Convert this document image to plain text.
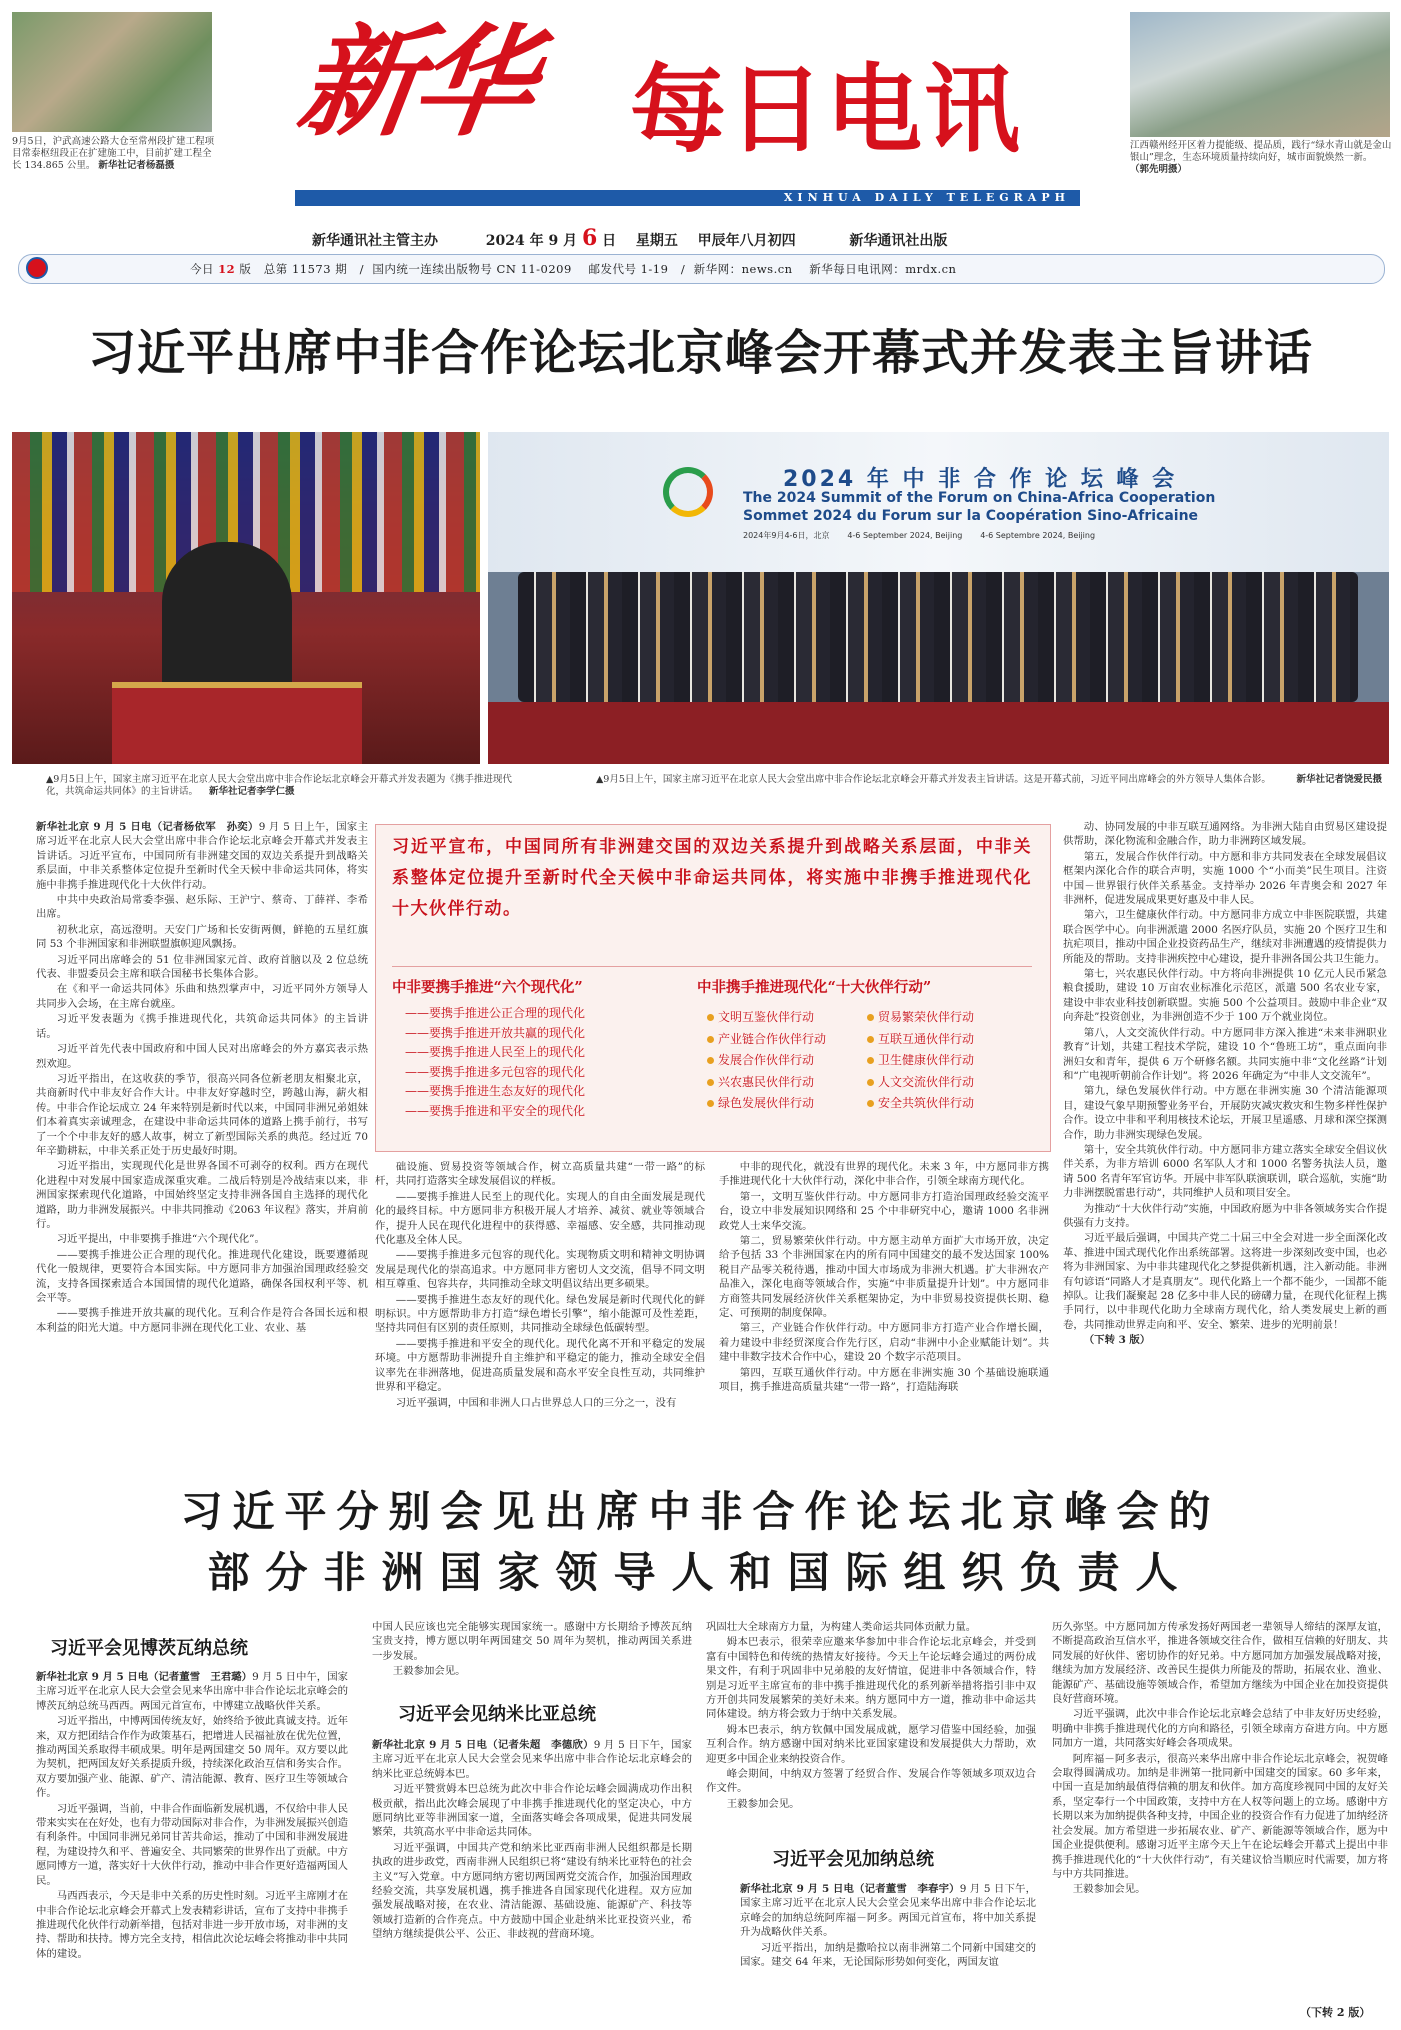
9月5日，沪武高速公路大仓至常州段扩建工程项目常泰枢纽段正在扩建施工中，目前扩建工程全长 134.865 公里。 新华社记者杨磊摄
江西赣州经开区着力提能级、提品质，践行“绿水青山就是金山银山”理念，生态环境质量持续向好，城市面貌焕然一新。 （郭先明摄）
新华 每日电讯
XINHUA DAILY TELEGRAPH
新华通讯社主管主办	2024 年 9 月 6 日 星期五 甲辰年八月初四	新华通讯社出版
今日 12 版 总第 11573 期   /  国内统一连续出版物号 CN 11-0209 邮发代号 1-19   /  新华网：news.cn 新华每日电讯网：mrdx.cn
习近平出席中非合作论坛北京峰会开幕式并发表主旨讲话
2024 年 中 非 合 作 论 坛 峰 会
The 2024 Summit of the Forum on China-Africa Cooperation
Sommet 2024 du Forum sur la Coopération Sino-Africaine
2024年9月4-6日，北京 4-6 September 2024, Beijing 4-6 Septembre 2024, Beijing
▲9月5日上午，国家主席习近平在北京人民大会堂出席中非合作论坛北京峰会开幕式并发表题为《携手推进现代化，共筑命运共同体》的主旨讲话。 新华社记者李学仁摄
▲9月5日上午，国家主席习近平在北京人民大会堂出席中非合作论坛北京峰会开幕式并发表主旨讲话。这是开幕式前，习近平同出席峰会的外方领导人集体合影。	新华社记者饶爱民摄

新华社北京 9 月 5 日电（记者杨依军　孙奕）9 月 5 日上午，国家主席习近平在北京人民大会堂出席中非合作论坛北京峰会开幕式并发表主旨讲话。习近平宣布，中国同所有非洲建交国的双边关系提升到战略关系层面，中非关系整体定位提升至新时代全天候中非命运共同体，将实施中非携手推进现代化十大伙伴行动。

中共中央政治局常委李强、赵乐际、王沪宁、蔡奇、丁薛祥、李希出席。

初秋北京，高远澄明。天安门广场和长安街两侧，鲜艳的五星红旗同 53 个非洲国家和非洲联盟旗帜迎风飘扬。

习近平同出席峰会的 51 位非洲国家元首、政府首脑以及 2 位总统代表、非盟委员会主席和联合国秘书长集体合影。

在《和平一命运共同体》乐曲和热烈掌声中，习近平同外方领导人共同步入会场，在主席台就座。

习近平发表题为《携手推进现代化，共筑命运共同体》的主旨讲话。

习近平首先代表中国政府和中国人民对出席峰会的外方嘉宾表示热烈欢迎。

习近平指出，在这收获的季节，很高兴同各位新老朋友相聚北京，共商新时代中非友好合作大计。中非友好穿越时空，跨越山海，薪火相传。中非合作论坛成立 24 年来特别是新时代以来，中国同非洲兄弟姐妹们本着真实亲诚理念，在建设中非命运共同体的道路上携手前行，书写了一个个中非友好的感人故事，树立了新型国际关系的典范。经过近 70 年辛勤耕耘，中非关系正处于历史最好时期。

习近平指出，实现现代化是世界各国不可剥夺的权利。西方在现代化进程中对发展中国家造成深重灾难。二战后特别是冷战结束以来，非洲国家探索现代化道路，中国始终坚定支持非洲各国自主选择的现代化道路，助力非洲发展振兴。中非共同推动《2063 年议程》落实，并肩前行。

习近平提出，中非要携手推进“六个现代化”。

——要携手推进公正合理的现代化。推进现代化建设，既要遵循现代化一般规律，更要符合本国实际。中方愿同非方加强治国理政经验交流，支持各国探索适合本国国情的现代化道路，确保各国权利平等、机会平等。

——要携手推进开放共赢的现代化。互利合作是符合各国长远和根本利益的阳光大道。中方愿同非洲在现代化工业、农业、基

习近平宣布，中国同所有非洲建交国的双边关系提升到战略关系层面，中非关系整体定位提升至新时代全天候中非命运共同体，将实施中非携手推进现代化十大伙伴行动。
中非要携手推进“六个现代化”
——要携手推进公正合理的现代化
——要携手推进开放共赢的现代化
——要携手推进人民至上的现代化
——要携手推进多元包容的现代化
——要携手推进生态友好的现代化
——要携手推进和平安全的现代化
中非携手推进现代化“十大伙伴行动”
文明互鉴伙伴行动	贸易繁荣伙伴行动
产业链合作伙伴行动	互联互通伙伴行动
发展合作伙伴行动	卫生健康伙伴行动
兴农惠民伙伴行动	人文交流伙伴行动
绿色发展伙伴行动	安全共筑伙伴行动

础设施、贸易投资等领域合作，树立高质量共建“一带一路”的标杆，共同打造落实全球发展倡议的样板。

——要携手推进人民至上的现代化。实现人的自由全面发展是现代化的最终目标。中方愿同非方积极开展人才培养、减贫、就业等领域合作，提升人民在现代化进程中的获得感、幸福感、安全感，共同推动现代化惠及全体人民。

——要携手推进多元包容的现代化。实现物质文明和精神文明协调发展是现代化的崇高追求。中方愿同非方密切人文交流，倡导不同文明相互尊重、包容共存，共同推动全球文明倡议结出更多硕果。

——要携手推进生态友好的现代化。绿色发展是新时代现代化的鲜明标识。中方愿帮助非方打造“绿色增长引擎”，缩小能源可及性差距，坚持共同但有区别的责任原则，共同推动全球绿色低碳转型。

——要携手推进和平安全的现代化。现代化离不开和平稳定的发展环境。中方愿帮助非洲提升自主维护和平稳定的能力，推动全球安全倡议率先在非洲落地，促进高质量发展和高水平安全良性互动，共同维护世界和平稳定。

习近平强调，中国和非洲人口占世界总人口的三分之一，没有

中非的现代化，就没有世界的现代化。未来 3 年，中方愿同非方携手推进现代化十大伙伴行动，深化中非合作，引领全球南方现代化。

第一，文明互鉴伙伴行动。中方愿同非方打造治国理政经验交流平台，设立中非发展知识网络和 25 个中非研究中心，邀请 1000 名非洲政党人士来华交流。

第二，贸易繁荣伙伴行动。中方愿主动单方面扩大市场开放，决定给予包括 33 个非洲国家在内的所有同中国建交的最不发达国家 100% 税目产品零关税待遇，推动中国大市场成为非洲大机遇。扩大非洲农产品准入，深化电商等领域合作，实施“中非质量提升计划”。中方愿同非方商签共同发展经济伙伴关系框架协定，为中非贸易投资提供长期、稳定、可预期的制度保障。

第三，产业链合作伙伴行动。中方愿同非方打造产业合作增长圈，着力建设中非经贸深度合作先行区，启动“非洲中小企业赋能计划”。共建中非数字技术合作中心，建设 20 个数字示范项目。

第四，互联互通伙伴行动。中方愿在非洲实施 30 个基础设施联通项目，携手推进高质量共建“一带一路”，打造陆海联

动、协同发展的中非互联互通网络。为非洲大陆自由贸易区建设提供帮助，深化物流和金融合作，助力非洲跨区域发展。

第五，发展合作伙伴行动。中方愿和非方共同发表在全球发展倡议框架内深化合作的联合声明，实施 1000 个“小而美”民生项目。注资中国－世界银行伙伴关系基金。支持举办 2026 年青奥会和 2027 年非洲杯，促进发展成果更好惠及中非人民。

第六，卫生健康伙伴行动。中方愿同非方成立中非医院联盟，共建联合医学中心。向非洲派遣 2000 名医疗队员，实施 20 个医疗卫生和抗疟项目，推动中国企业投资药品生产，继续对非洲遭遇的疫情提供力所能及的帮助。支持非洲疾控中心建设，提升非洲各国公共卫生能力。

第七，兴农惠民伙伴行动。中方将向非洲提供 10 亿元人民币紧急粮食援助，建设 10 万亩农业标准化示范区，派遣 500 名农业专家，建设中非农业科技创新联盟。实施 500 个公益项目。鼓励中非企业“双向奔赴”投资创业，为非洲创造不少于 100 万个就业岗位。

第八，人文交流伙伴行动。中方愿同非方深入推进“未来非洲职业教育”计划，共建工程技术学院，建设 10 个“鲁班工坊”，重点面向非洲妇女和青年，提供 6 万个研修名额。共同实施中非“文化丝路”计划和“广电视听朝前合作计划”。将 2026 年确定为“中非人文交流年”。

第九，绿色发展伙伴行动。中方愿在非洲实施 30 个清洁能源项目，建设气象早期预警业务平台，开展防灾减灾救灾和生物多样性保护合作。设立中非和平利用核技术论坛，开展卫星遥感、月球和深空探测合作，助力非洲实现绿色发展。

第十，安全共筑伙伴行动。中方愿同非方建立落实全球安全倡议伙伴关系，为非方培训 6000 名军队人才和 1000 名警务执法人员，邀请 500 名青年军官访华。开展中非军队联演联训，联合巡航，实施“助力非洲摆脱雷患行动”，共同维护人员和项目安全。

为推动“十大伙伴行动”实施，中国政府愿为中非各领域务实合作提供强有力支持。

习近平最后强调，中国共产党二十届三中全会对进一步全面深化改革、推进中国式现代化作出系统部署。这将进一步深刻改变中国，也必将为非洲国家、为中非共建现代化之梦提供新机遇，注入新动能。非洲有句谚语“同路人才是真朋友”。现代化路上一个都不能少，一国都不能掉队。让我们凝聚起 28 亿多中非人民的磅礴力量，在现代化征程上携手同行，以中非现代化助力全球南方现代化，给人类发展史上新的画卷，共同推动世界走向和平、安全、繁荣、进步的光明前景！

（下转 3 版）

习近平分别会见出席中非合作论坛北京峰会的
部分非洲国家领导人和国际组织负责人
习近平会见博茨瓦纳总统

新华社北京 9 月 5 日电（记者董雪　王君璐）9 月 5 日中午，国家主席习近平在北京人民大会堂会见来华出席中非合作论坛北京峰会的博茨瓦纳总统马西西。两国元首宣布，中博建立战略伙伴关系。

习近平指出，中博两国传统友好，始终给予彼此真诚支持。近年来，双方把团结合作作为政策基石，把增进人民福祉放在优先位置，推动两国关系取得丰硕成果。明年是两国建交 50 周年。双方要以此为契机，把两国友好关系提质升级，持续深化政治互信和务实合作。双方要加强产业、能源、矿产、清洁能源、教育、医疗卫生等领域合作。

习近平强调，当前，中非合作面临新发展机遇，不仅给中非人民带来实实在在好处，也有力带动国际对非合作，为非洲发展振兴创造有利条件。中国同非洲兄弟同甘苦共命运，推动了中国和非洲发展进程，为建设持久和平、普遍安全、共同繁荣的世界作出了贡献。中方愿同博方一道，落实好十大伙伴行动，推动中非合作更好造福两国人民。

马西西表示，今天是非中关系的历史性时刻。习近平主席刚才在中非合作论坛北京峰会开幕式上发表精彩讲话，宣布了支持中非携手推进现代化伙伴行动新举措，包括对非进一步开放市场，对非洲的支持、帮助和扶持。博方完全支持，相信此次论坛峰会将推动非中共同体的建设。

中国人民应该也完全能够实现国家统一。感谢中方长期给予博茨瓦纳宝贵支持，博方愿以明年两国建交 50 周年为契机，推动两国关系进一步发展。

王毅参加会见。

习近平会见纳米比亚总统

新华社北京 9 月 5 日电（记者朱超　李德欣）9 月 5 日下午，国家主席习近平在北京人民大会堂会见来华出席中非合作论坛北京峰会的纳米比亚总统姆本巴。

习近平赞赏姆本巴总统为此次中非合作论坛峰会圆满成功作出积极贡献，指出此次峰会展现了中非携手推进现代化的坚定决心，中方愿同纳比亚等非洲国家一道，全面落实峰会各项成果，促进共同发展繁荣，共筑高水平中非命运共同体。

习近平强调，中国共产党和纳米比亚西南非洲人民组织都是长期执政的进步政党，西南非洲人民组织已将“建设有纳米比亚特色的社会主义”写入党章。中方愿同纳方密切两国两党交流合作，加强治国理政经验交流，共享发展机遇，携手推进各自国家现代化进程。双方应加强发展战略对接，在农业、清洁能源、基础设施、能源矿产、科技等领域打造新的合作亮点。中方鼓励中国企业赴纳米比亚投资兴业，希望纳方继续提供公平、公正、非歧视的营商环境。

巩固壮大全球南方力量，为构建人类命运共同体贡献力量。

姆本巴表示，很荣幸应邀来华参加中非合作论坛北京峰会，并受到富有中国特色和传统的热情友好接待。今天上午论坛峰会通过的两份成果文件，有利于巩固非中兄弟般的友好情谊，促进非中各领域合作，特别是习近平主席宣布的非中携手推进现代化的系列新举措将指引非中双方开创共同发展繁荣的美好未来。纳方愿同中方一道，推动非中命运共同体建设。纳方将会致力于纳中关系发展。

姆本巴表示，纳方钦佩中国发展成就，愿学习借鉴中国经验，加强互利合作。纳方感谢中国对纳米比亚国家建设和发展提供大力帮助，欢迎更多中国企业来纳投资合作。

峰会期间，中纳双方签署了经贸合作、发展合作等领域多项双边合作文件。

王毅参加会见。

习近平会见加纳总统

新华社北京 9 月 5 日电（记者董雪　李春宇）9 月 5 日下午，国家主席习近平在北京人民大会堂会见来华出席中非合作论坛北京峰会的加纳总统阿库福－阿多。两国元首宣布，将中加关系提升为战略伙伴关系。

习近平指出，加纳是撒哈拉以南非洲第二个同新中国建交的国家。建交 64 年来，无论国际形势如何变化，两国友谊

历久弥坚。中方愿同加方传承发扬好两国老一辈领导人缔结的深厚友谊，不断提高政治互信水平，推进各领域交往合作，做相互信赖的好朋友、共同发展的好伙伴、密切协作的好兄弟。中方愿同加方加强发展战略对接，继续为加方发展经济、改善民生提供力所能及的帮助，拓展农业、渔业、能源矿产、基础设施等领域合作，希望加方继续为中国企业在加投资提供良好营商环境。

习近平强调，此次中非合作论坛北京峰会总结了中非友好历史经验，明确中非携手推进现代化的方向和路径，引领全球南方奋进方向。中方愿同加方一道，共同落实好峰会各项成果。

阿库福－阿多表示，很高兴来华出席中非合作论坛北京峰会，祝贺峰会取得圆满成功。加纳是非洲第一批同新中国建交的国家。60 多年来，中国一直是加纳最值得信赖的朋友和伙伴。加方高度珍视同中国的友好关系，坚定奉行一个中国政策，支持中方在人权等问题上的立场。感谢中方长期以来为加纳提供各种支持，中国企业的投资合作有力促进了加纳经济社会发展。加方希望进一步拓展农业、矿产、新能源等领域合作，愿为中国企业提供便利。感谢习近平主席今天上午在论坛峰会开幕式上提出中非携手推进现代化的“十大伙伴行动”，有关建议恰当顺应时代需要，加方将与中方共同推进。

王毅参加会见。

（下转 2 版）
